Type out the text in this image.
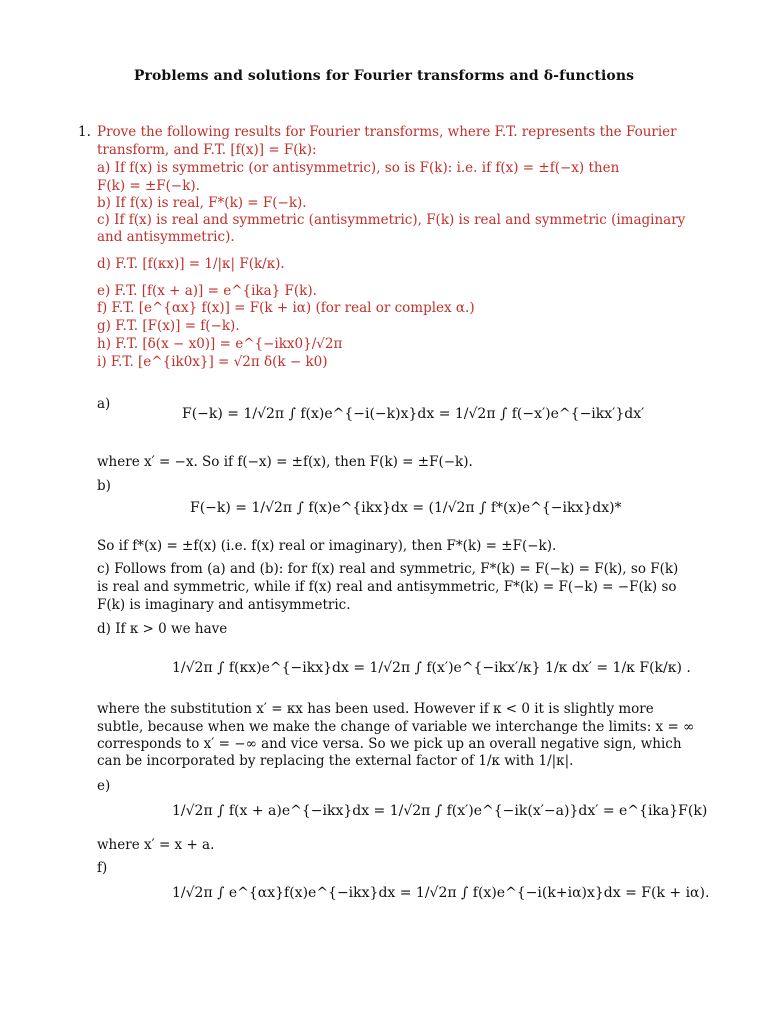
Problems and solutions for Fourier transforms and δ-functions
1. Prove the following results for Fourier transforms, where F.T. represents the Fourier
transform, and F.T. [f(x)] = F(k):
a) If f(x) is symmetric (or antisymmetric), so is F(k): i.e. if f(x) = ±f(−x) then
F(k) = ±F(−k).
b) If f(x) is real, F*(k) = F(−k).
c) If f(x) is real and symmetric (antisymmetric), F(k) is real and symmetric (imaginary
and antisymmetric).
d) F.T. [f(κx)] = 1/|κ| F(k/κ).
e) F.T. [f(x + a)] = e^{ika} F(k).
f) F.T. [e^{αx} f(x)] = F(k + iα) (for real or complex α.)
g) F.T. [F(x)] = f(−k).
h) F.T. [δ(x − x0)] = e^{−ikx0}/√2π
i) F.T. [e^{ik0x}] = √2π δ(k − k0)
a)
F(−k) = 1/√2π ∫ f(x)e^{−i(−k)x}dx = 1/√2π ∫ f(−x′)e^{−ikx′}dx′
where x′ = −x. So if f(−x) = ±f(x), then F(k) = ±F(−k).
b)
F(−k) = 1/√2π ∫ f(x)e^{ikx}dx = (1/√2π ∫ f*(x)e^{−ikx}dx)*
So if f*(x) = ±f(x) (i.e. f(x) real or imaginary), then F*(k) = ±F(−k).
c) Follows from (a) and (b): for f(x) real and symmetric, F*(k) = F(−k) = F(k), so F(k)
is real and symmetric, while if f(x) real and antisymmetric, F*(k) = F(−k) = −F(k) so
F(k) is imaginary and antisymmetric.
d) If κ > 0 we have
1/√2π ∫ f(κx)e^{−ikx}dx = 1/√2π ∫ f(x′)e^{−ikx′/κ} 1/κ dx′ = 1/κ F(k/κ) .
where the substitution x′ = κx has been used. However if κ < 0 it is slightly more
subtle, because when we make the change of variable we interchange the limits: x = ∞
corresponds to x′ = −∞ and vice versa. So we pick up an overall negative sign, which
can be incorporated by replacing the external factor of 1/κ with 1/|κ|.
e)
1/√2π ∫ f(x + a)e^{−ikx}dx = 1/√2π ∫ f(x′)e^{−ik(x′−a)}dx′ = e^{ika}F(k)
where x′ = x + a.
f)
1/√2π ∫ e^{αx}f(x)e^{−ikx}dx = 1/√2π ∫ f(x)e^{−i(k+iα)x}dx = F(k + iα).
